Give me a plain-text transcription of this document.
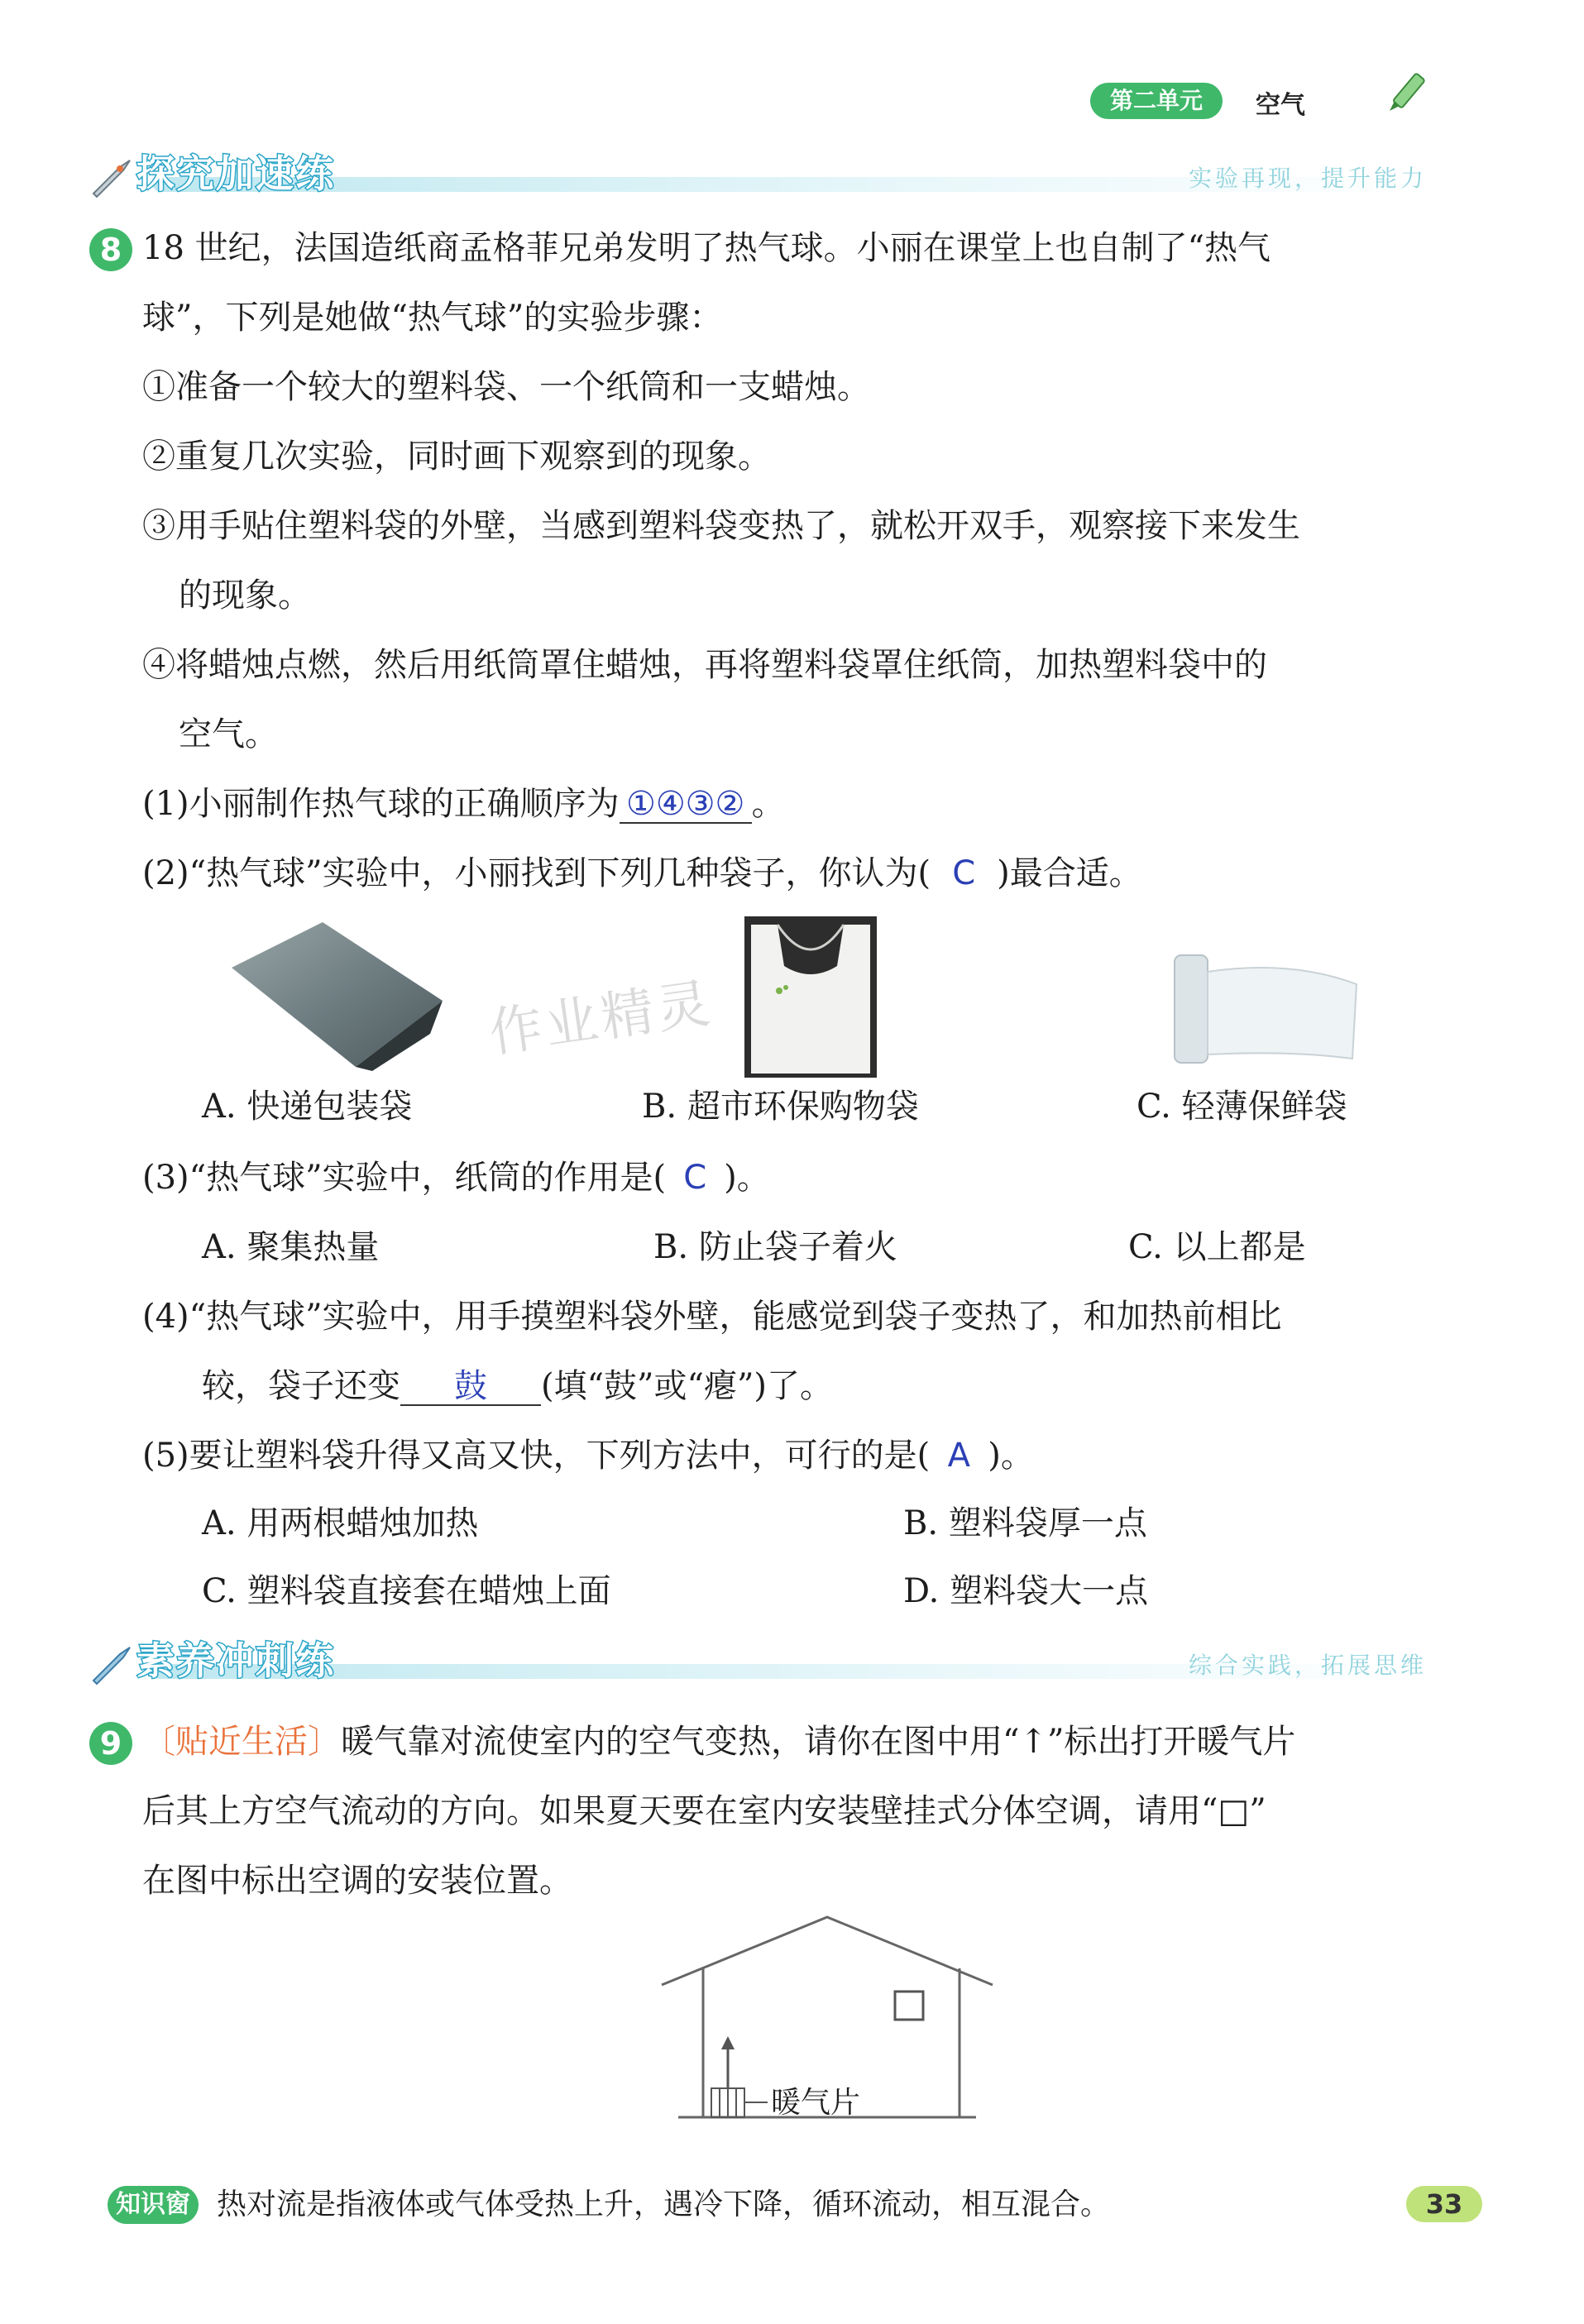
第二单元	空气
探究加速练	实验再现，提升能力
8 18 世纪，法国造纸商孟格菲兄弟发明了热气球。小丽在课堂上也自制了“热气
球”，下列是她做“热气球”的实验步骤：
①准备一个较大的塑料袋、一个纸筒和一支蜡烛。
②重复几次实验，同时画下观察到的现象。
③用手贴住塑料袋的外壁，当感到塑料袋变热了，就松开双手，观察接下来发生
的现象。
④将蜡烛点燃，然后用纸筒罩住蜡烛，再将塑料袋罩住纸筒，加热塑料袋中的
空气。
(1)小丽制作热气球的正确顺序为 ①④③② 。
(2)“热气球”实验中，小丽找到下列几种袋子，你认为( C )最合适。
A. 快递包装袋	B. 超市环保购物袋	C. 轻薄保鲜袋
作业精灵
(3)“热气球”实验中，纸筒的作用是( C )。
A. 聚集热量	B. 防止袋子着火	C. 以上都是
(4)“热气球”实验中，用手摸塑料袋外壁，能感觉到袋子变热了，和加热前相比
较，袋子还变 鼓 (填“鼓”或“瘪”)了。
(5)要让塑料袋升得又高又快，下列方法中，可行的是( A )。
A. 用两根蜡烛加热	B. 塑料袋厚一点
C. 塑料袋直接套在蜡烛上面	D. 塑料袋大一点
素养冲刺练	综合实践，拓展思维
9 〔贴近生活〕暖气靠对流使室内的空气变热，请你在图中用“↑”标出打开暖气片
后其上方空气流动的方向。如果夏天要在室内安装壁挂式分体空调，请用“□”
在图中标出空调的安装位置。
暖气片
知识窗 热对流是指液体或气体受热上升，遇冷下降，循环流动，相互混合。	33
